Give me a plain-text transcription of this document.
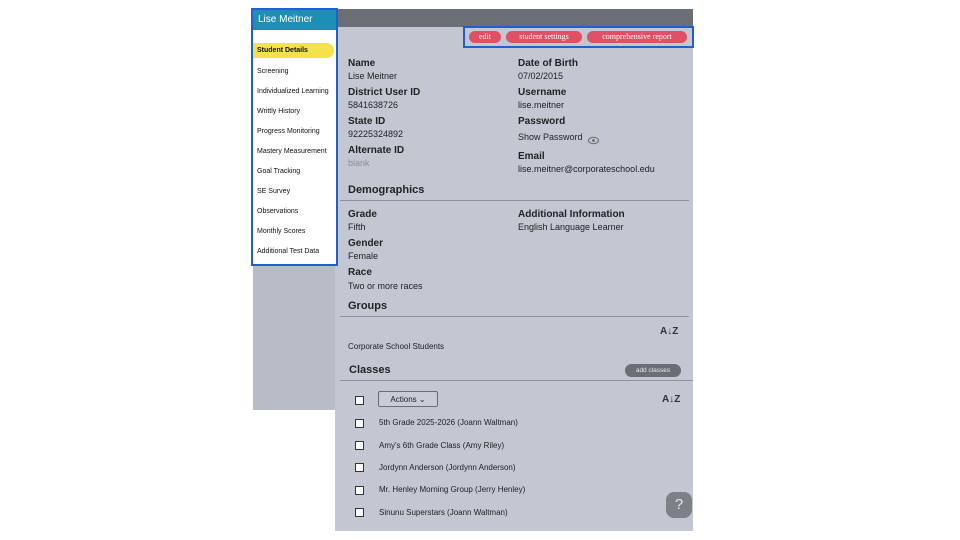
Lise Meitner
Student Details
Screening
Individualized Learning
Writtly History
Progress Monitoring
Mastery Measurement
Goal Tracking
SE Survey
Observations
Monthly Scores
Additional Test Data
edit	student settings	comprehensive report
Name
Lise Meitner
District User ID
5841638726
State ID
92225324892
Alternate ID
blank
Date of Birth
07/02/2015
Username
lise.meitner
Password
Show Password
Email
lise.meitner@corporateschool.edu
Demographics
Grade
Fifth
Additional Information
English Language Learner
Gender
Female
Race
Two or more races
Groups
A↓Z
Corporate School Students
Classes	add classes
Actions ⌄	A↓Z
5th Grade 2025-2026 (Joann Waltman)
Amy's 6th Grade Class (Amy Riley)
Jordynn Anderson (Jordynn Anderson)
Mr. Henley Morning Group (Jerry Henley)
Sinunu Superstars (Joann Waltman)	?
